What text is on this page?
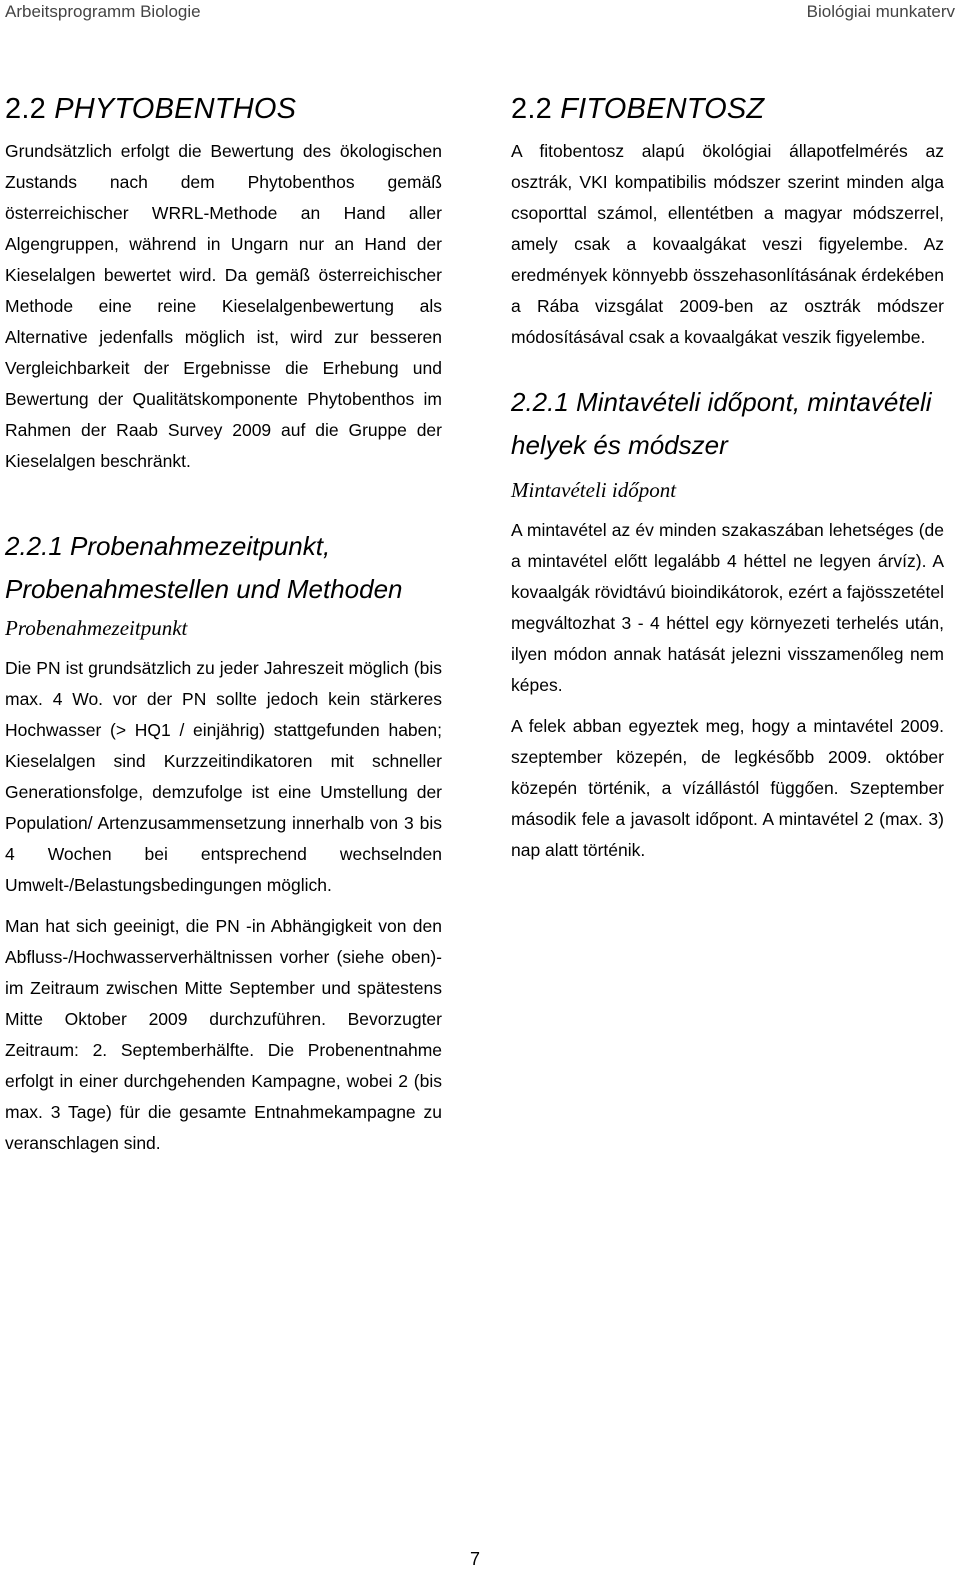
Arbeitsprogramm Biologie	Biológiai munkaterv
2.2 PHYTOBENTHOS

Grundsätzlich erfolgt die Bewertung des ökologischen Zustands nach dem Phytobenthos gemäß österreichischer WRRL-Methode an Hand aller Algengruppen, während in Ungarn nur an Hand der Kieselalgen bewertet wird. Da gemäß österreichischer Methode eine reine Kieselalgenbewertung als Alternative jedenfalls möglich ist, wird zur besseren Vergleichbarkeit der Ergebnisse die Erhebung und Bewertung der Qualitätskomponente Phytobenthos im Rahmen der Raab Survey 2009 auf die Gruppe der Kieselalgen beschränkt.

2.2.1 Probenahmezeitpunkt, Probenahmestellen und Methoden
Probenahmezeitpunkt

Die PN ist grundsätzlich zu jeder Jahreszeit möglich (bis max. 4 Wo. vor der PN sollte jedoch kein stärkeres Hochwasser (> HQ1 / einjährig) stattgefunden haben; Kieselalgen sind Kurzzeitindikatoren mit schneller Generationsfolge, demzufolge ist eine Umstellung der Population/ Artenzusammensetzung innerhalb von 3 bis 4 Wochen bei entsprechend wechselnden Umwelt-/Belastungsbedingungen möglich.

Man hat sich geeinigt, die PN -in Abhängigkeit von den Abfluss-/Hochwasserverhältnissen vorher (siehe oben)- im Zeitraum zwischen Mitte September und spätestens Mitte Oktober 2009 durchzuführen. Bevorzugter Zeitraum: 2. Septemberhälfte. Die Probenentnahme erfolgt in einer durchgehenden Kampagne, wobei 2 (bis max. 3 Tage) für die gesamte Entnahmekampagne zu veranschlagen sind.

2.2 FITOBENTOSZ

A fitobentosz alapú ökológiai állapotfelmérés az osztrák, VKI kompatibilis módszer szerint minden alga csoporttal számol, ellentétben a magyar módszerrel, amely csak a kovaalgákat veszi figyelembe. Az eredmények könnyebb összehasonlításának érdekében a Rába vizsgálat 2009-ben az osztrák módszer módosításával csak a kovaalgákat veszik figyelembe.

2.2.1 Mintavételi időpont, mintavételi helyek és módszer
Mintavételi időpont

A mintavétel az év minden szakaszában lehetséges (de a mintavétel előtt legalább 4 héttel ne legyen árvíz). A kovaalgák rövidtávú bioindikátorok, ezért a fajösszetétel megváltozhat 3 - 4 héttel egy környezeti terhelés után, ilyen módon annak hatását jelezni visszamenőleg nem képes.

A felek abban egyeztek meg, hogy a mintavétel 2009. szeptember közepén, de legkésőbb 2009. október közepén történik, a vízállástól függően. Szeptember második fele a javasolt időpont. A mintavétel 2 (max. 3) nap alatt történik.

7
